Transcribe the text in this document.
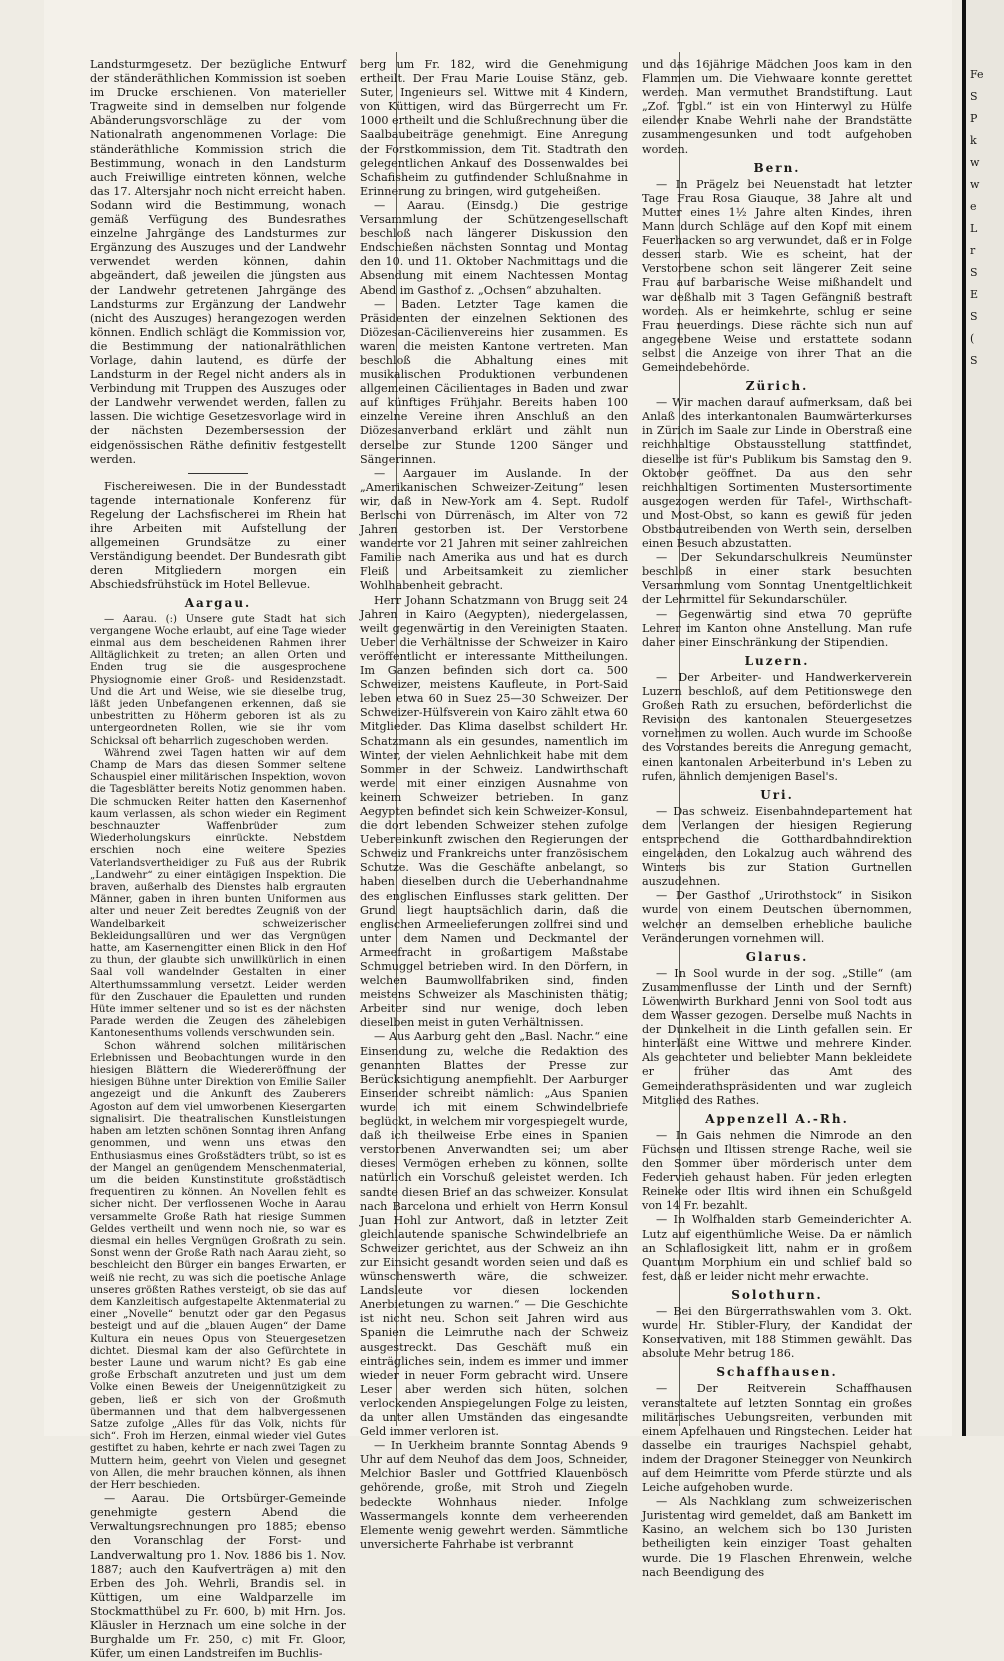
Landsturmgesetz. Der bezügliche Entwurf der ständeräthlichen Kommission ist soeben im Drucke erschienen. Von materieller Tragweite sind in demselben nur folgende Abänderungsvorschläge zu der vom Nationalrath angenommenen Vorlage: Die ständeräthliche Kommission strich die Bestimmung, wonach in den Landsturm auch Freiwillige eintreten können, welche das 17. Altersjahr noch nicht erreicht haben. Sodann wird die Bestimmung, wonach gemäß Verfügung des Bundesrathes einzelne Jahrgänge des Landsturmes zur Ergänzung des Auszuges und der Landwehr verwendet werden können, dahin abgeändert, daß jeweilen die jüngsten aus der Landwehr getretenen Jahrgänge des Landsturms zur Ergänzung der Landwehr (nicht des Auszuges) herangezogen werden können. Endlich schlägt die Kommission vor, die Bestimmung der nationalräthlichen Vorlage, dahin lautend, es dürfe der Landsturm in der Regel nicht anders als in Verbindung mit Truppen des Auszuges oder der Landwehr verwendet werden, fallen zu lassen. Die wichtige Gesetzesvorlage wird in der nächsten Dezembersession der eidgenössischen Räthe definitiv festgestellt werden.

Fischereiwesen. Die in der Bundesstadt tagende internationale Konferenz für Regelung der Lachsfischerei im Rhein hat ihre Arbeiten mit Aufstellung der allgemeinen Grundsätze zu einer Verständigung beendet. Der Bundesrath gibt deren Mitgliedern morgen ein Abschiedsfrühstück im Hotel Bellevue.

Aargau.

— Aarau. (:) Unsere gute Stadt hat sich vergangene Woche erlaubt, auf eine Tage wieder einmal aus dem bescheidenen Rahmen ihrer Alltäglichkeit zu treten; an allen Orten und Enden trug sie die ausgesprochene Physiognomie einer Groß- und Residenzstadt. Und die Art und Weise, wie sie dieselbe trug, läßt jeden Unbefangenen erkennen, daß sie unbestritten zu Höherm geboren ist als zu untergeordneten Rollen, wie sie ihr vom Schicksal oft beharrlich zugeschoben werden.

Während zwei Tagen hatten wir auf dem Champ de Mars das diesen Sommer seltene Schauspiel einer militärischen Inspektion, wovon die Tagesblätter bereits Notiz genommen haben. Die schmucken Reiter hatten den Kasernenhof kaum verlassen, als schon wieder ein Regiment beschnauzter Waffenbrüder zum Wiederholungskurs einrückte. Nebstdem erschien noch eine weitere Spezies Vaterlandsvertheidiger zu Fuß aus der Rubrik „Landwehr“ zu einer eintägigen Inspektion. Die braven, außerhalb des Dienstes halb ergrauten Männer, gaben in ihren bunten Uniformen aus alter und neuer Zeit beredtes Zeugniß von der Wandelbarkeit schweizerischer Bekleidungsallüren und wer das Vergnügen hatte, am Kasernengitter einen Blick in den Hof zu thun, der glaubte sich unwillkürlich in einen Saal voll wandelnder Gestalten in einer Alterthumssammlung versetzt. Leider werden für den Zuschauer die Epauletten und runden Hüte immer seltener und so ist es der nächsten Parade werden die Zeugen des zähelebigen Kantonesenthums vollends verschwunden sein.

Schon während solchen militärischen Erlebnissen und Beobachtungen wurde in den hiesigen Blättern die Wiedereröffnung der hiesigen Bühne unter Direktion von Emilie Sailer angezeigt und die Ankunft des Zauberers Agoston auf dem viel umworbenen Kiesergarten signalisirt. Die theatralischen Kunstleistungen haben am letzten schönen Sonntag ihren Anfang genommen, und wenn uns etwas den Enthusiasmus eines Großstädters trübt, so ist es der Mangel an genügendem Menschenmaterial, um die beiden Kunstinstitute großstädtisch frequentiren zu können. An Novellen fehlt es sicher nicht. Der verflossenen Woche in Aarau versammelte Große Rath hat riesige Summen Geldes vertheilt und wenn noch nie, so war es diesmal ein helles Vergnügen Großrath zu sein. Sonst wenn der Große Rath nach Aarau zieht, so beschleicht den Bürger ein banges Erwarten, er weiß nie recht, zu was sich die poetische Anlage unseres größten Rathes versteigt, ob sie das auf dem Kanzleitisch aufgestapelte Aktenmaterial zu einer „Novelle“ benutzt oder gar den Pegasus besteigt und auf die „blauen Augen“ der Dame Kultura ein neues Opus von Steuergesetzen dichtet. Diesmal kam der also Gefürchtete in bester Laune und warum nicht? Es gab eine große Erbschaft anzutreten und just um dem Volke einen Beweis der Uneigennützigkeit zu geben, ließ er sich von der Großmuth übermannen und that dem halbvergessenen Satze zufolge „Alles für das Volk, nichts für sich“. Froh im Herzen, einmal wieder viel Gutes gestiftet zu haben, kehrte er nach zwei Tagen zu Muttern heim, geehrt von Vielen und gesegnet von Allen, die mehr brauchen können, als ihnen der Herr beschieden.

— Aarau. Die Ortsbürger-Gemeinde genehmigte gestern Abend die Verwaltungsrechnungen pro 1885; ebenso den Voranschlag der Forst- und Landverwaltung pro 1. Nov. 1886 bis 1. Nov. 1887; auch den Kaufverträgen a) mit den Erben des Joh. Wehrli, Brandis sel. in Küttigen, um eine Waldparzelle im Stockmatthübel zu Fr. 600, b) mit Hrn. Jos. Kläusler in Herznach um eine solche in der Burghalde um Fr. 250, c) mit Fr. Gloor, Küfer, um einen Landstreifen im Buchlis-

berg um Fr. 182, wird die Genehmigung ertheilt. Der Frau Marie Louise Stänz, geb. Suter, Ingenieurs sel. Wittwe mit 4 Kindern, von Küttigen, wird das Bürgerrecht um Fr. 1000 ertheilt und die Schlußrechnung über die Saalbaubeiträge genehmigt. Eine Anregung der Forstkommission, dem Tit. Stadtrath den gelegentlichen Ankauf des Dossenwaldes bei Schafisheim zu gutfindender Schlußnahme in Erinnerung zu bringen, wird gutgeheißen.

— Aarau. (Einsdg.) Die gestrige Versammlung der Schützengesellschaft beschloß nach längerer Diskussion den Endschießen nächsten Sonntag und Montag den 10. und 11. Oktober Nachmittags und die Absendung mit einem Nachtessen Montag Abend im Gasthof z. „Ochsen“ abzuhalten.

— Baden. Letzter Tage kamen die Präsidenten der einzelnen Sektionen des Diözesan-Cäcilienvereins hier zusammen. Es waren die meisten Kantone vertreten. Man beschloß die Abhaltung eines mit musikalischen Produktionen verbundenen allgemeinen Cäcilientages in Baden und zwar auf künftiges Frühjahr. Bereits haben 100 einzelne Vereine ihren Anschluß an den Diözesanverband erklärt und zählt nun derselbe zur Stunde 1200 Sänger und Sängerinnen.

— Aargauer im Auslande. In der „Amerikanischen Schweizer-Zeitung“ lesen wir, daß in New-York am 4. Sept. Rudolf Berlschi von Dürrenäsch, im Alter von 72 Jahren gestorben ist. Der Verstorbene wanderte vor 21 Jahren mit seiner zahlreichen Familie nach Amerika aus und hat es durch Fleiß und Arbeitsamkeit zu ziemlicher Wohlhabenheit gebracht.

Herr Johann Schatzmann von Brugg seit 24 Jahren in Kairo (Aegypten), niedergelassen, weilt gegenwärtig in den Vereinigten Staaten. Ueber die Verhältnisse der Schweizer in Kairo veröffentlicht er interessante Mittheilungen. Im Ganzen befinden sich dort ca. 500 Schweizer, meistens Kaufleute, in Port-Said leben etwa 60 in Suez 25—30 Schweizer. Der Schweizer-Hülfsverein von Kairo zählt etwa 60 Mitglieder. Das Klima daselbst schildert Hr. Schatzmann als ein gesundes, namentlich im Winter, der vielen Aehnlichkeit habe mit dem Sommer in der Schweiz. Landwirthschaft werde mit einer einzigen Ausnahme von keinem Schweizer betrieben. In ganz Aegypten befindet sich kein Schweizer-Konsul, die dort lebenden Schweizer stehen zufolge Uebereinkunft zwischen den Regierungen der Schweiz und Frankreichs unter französischem Schutze. Was die Geschäfte anbelangt, so haben dieselben durch die Ueberhandnahme des englischen Einflusses stark gelitten. Der Grund liegt hauptsächlich darin, daß die englischen Armeelieferungen zollfrei sind und unter dem Namen und Deckmantel der Armeefracht in großartigem Maßstabe Schmuggel betrieben wird. In den Dörfern, in welchen Baumwollfabriken sind, finden meistens Schweizer als Maschinisten thätig; Arbeiter sind nur wenige, doch leben dieselben meist in guten Verhältnissen.

— Aus Aarburg geht den „Basl. Nachr.“ eine Einsendung zu, welche die Redaktion des genannten Blattes der Presse zur Berücksichtigung anempfiehlt. Der Aarburger Einsender schreibt nämlich: „Aus Spanien wurde ich mit einem Schwindelbriefe beglückt, in welchem mir vorgespiegelt wurde, daß ich theilweise Erbe eines in Spanien verstorbenen Anverwandten sei; um aber dieses Vermögen erheben zu können, sollte natürlich ein Vorschuß geleistet werden. Ich sandte diesen Brief an das schweizer. Konsulat nach Barcelona und erhielt von Herrn Konsul Juan Hohl zur Antwort, daß in letzter Zeit gleichlautende spanische Schwindelbriefe an Schweizer gerichtet, aus der Schweiz an ihn zur Einsicht gesandt worden seien und daß es wünschenswerth wäre, die schweizer. Landsleute vor diesen lockenden Anerbietungen zu warnen.“ — Die Geschichte ist nicht neu. Schon seit Jahren wird aus Spanien die Leimruthe nach der Schweiz ausgestreckt. Das Geschäft muß ein einträgliches sein, indem es immer und immer wieder in neuer Form gebracht wird. Unsere Leser aber werden sich hüten, solchen verlockenden Anspiegelungen Folge zu leisten, da unter allen Umständen das eingesandte Geld immer verloren ist.

— In Uerkheim brannte Sonntag Abends 9 Uhr auf dem Neuhof das dem Joos, Schneider, Melchior Basler und Gottfried Klauenbösch gehörende, große, mit Stroh und Ziegeln bedeckte Wohnhaus nieder. Infolge Wassermangels konnte dem verheerenden Elemente wenig gewehrt werden. Sämmtliche unversicherte Fahrhabe ist verbrannt

und das 16jährige Mädchen Joos kam in den Flammen um. Die Viehwaare konnte gerettet werden. Man vermuthet Brandstiftung. Laut „Zof. Tgbl.“ ist ein von Hinterwyl zu Hülfe eilender Knabe Wehrli nahe der Brandstätte zusammengesunken und todt aufgehoben worden.

Bern.

— In Prägelz bei Neuenstadt hat letzter Tage Frau Rosa Giauque, 38 Jahre alt und Mutter eines 1½ Jahre alten Kindes, ihren Mann durch Schläge auf den Kopf mit einem Feuerhacken so arg verwundet, daß er in Folge dessen starb. Wie es scheint, hat der Verstorbene schon seit längerer Zeit seine Frau auf barbarische Weise mißhandelt und war deßhalb mit 3 Tagen Gefängniß bestraft worden. Als er heimkehrte, schlug er seine Frau neuerdings. Diese rächte sich nun auf angegebene Weise und erstattete sodann selbst die Anzeige von ihrer That an die Gemeindebehörde.

Zürich.

— Wir machen darauf aufmerksam, daß bei Anlaß des interkantonalen Baumwärterkurses in Zürich im Saale zur Linde in Oberstraß eine reichhaltige Obstausstellung stattfindet, dieselbe ist für's Publikum bis Samstag den 9. Oktober geöffnet. Da aus den sehr reichhaltigen Sortimenten Mustersortimente ausgezogen werden für Tafel-, Wirthschaft- und Most-Obst, so kann es gewiß für jeden Obstbautreibenden von Werth sein, derselben einen Besuch abzustatten.

— Der Sekundarschulkreis Neumünster beschloß in einer stark besuchten Versammlung vom Sonntag Unentgeltlichkeit der Lehrmittel für Sekundarschüler.

— Gegenwärtig sind etwa 70 geprüfte Lehrer im Kanton ohne Anstellung. Man rufe daher einer Einschränkung der Stipendien.

Luzern.

— Der Arbeiter- und Handwerkerverein Luzern beschloß, auf dem Petitionswege den Großen Rath zu ersuchen, beförderlichst die Revision des kantonalen Steuergesetzes vornehmen zu wollen. Auch wurde im Schooße des Vorstandes bereits die Anregung gemacht, einen kantonalen Arbeiterbund in's Leben zu rufen, ähnlich demjenigen Basel's.

Uri.

— Das schweiz. Eisenbahndepartement hat dem Verlangen der hiesigen Regierung entsprechend die Gotthardbahndirektion eingeladen, den Lokalzug auch während des Winters bis zur Station Gurtnellen auszudehnen.

— Der Gasthof „Urirothstock“ in Sisikon wurde von einem Deutschen übernommen, welcher an demselben erhebliche bauliche Veränderungen vornehmen will.

Glarus.

— In Sool wurde in der sog. „Stille“ (am Zusammenflusse der Linth und der Sernft) Löwenwirth Burkhard Jenni von Sool todt aus dem Wasser gezogen. Derselbe muß Nachts in der Dunkelheit in die Linth gefallen sein. Er hinterläßt eine Wittwe und mehrere Kinder. Als geachteter und beliebter Mann bekleidete er früher das Amt des Gemeinderathspräsidenten und war zugleich Mitglied des Rathes.

Appenzell A.-Rh.

— In Gais nehmen die Nimrode an den Füchsen und Iltissen strenge Rache, weil sie den Sommer über mörderisch unter dem Federvieh gehaust haben. Für jeden erlegten Reineke oder Iltis wird ihnen ein Schußgeld von 14 Fr. bezahlt.

— In Wolfhalden starb Gemeinderichter A. Lutz auf eigenthümliche Weise. Da er nämlich an Schlaflosigkeit litt, nahm er in großem Quantum Morphium ein und schlief bald so fest, daß er leider nicht mehr erwachte.

Solothurn.

— Bei den Bürgerrathswahlen vom 3. Okt. wurde Hr. Stibler-Flury, der Kandidat der Konservativen, mit 188 Stimmen gewählt. Das absolute Mehr betrug 186.

Schaffhausen.

— Der Reitverein Schaffhausen veranstaltete auf letzten Sonntag ein großes militärisches Uebungsreiten, verbunden mit einem Apfelhauen und Ringstechen. Leider hat dasselbe ein trauriges Nachspiel gehabt, indem der Dragoner Steinegger von Neunkirch auf dem Heimritte vom Pferde stürzte und als Leiche aufgehoben wurde.

— Als Nachklang zum schweizerischen Juristentag wird gemeldet, daß am Bankett im Kasino, an welchem sich bo 130 Juristen betheiligten kein einziger Toast gehalten wurde. Die 19 Flaschen Ehrenwein, welche nach Beendigung des

Fe
S
P
k
w
w
e
L
r
S
E
S
(
S
